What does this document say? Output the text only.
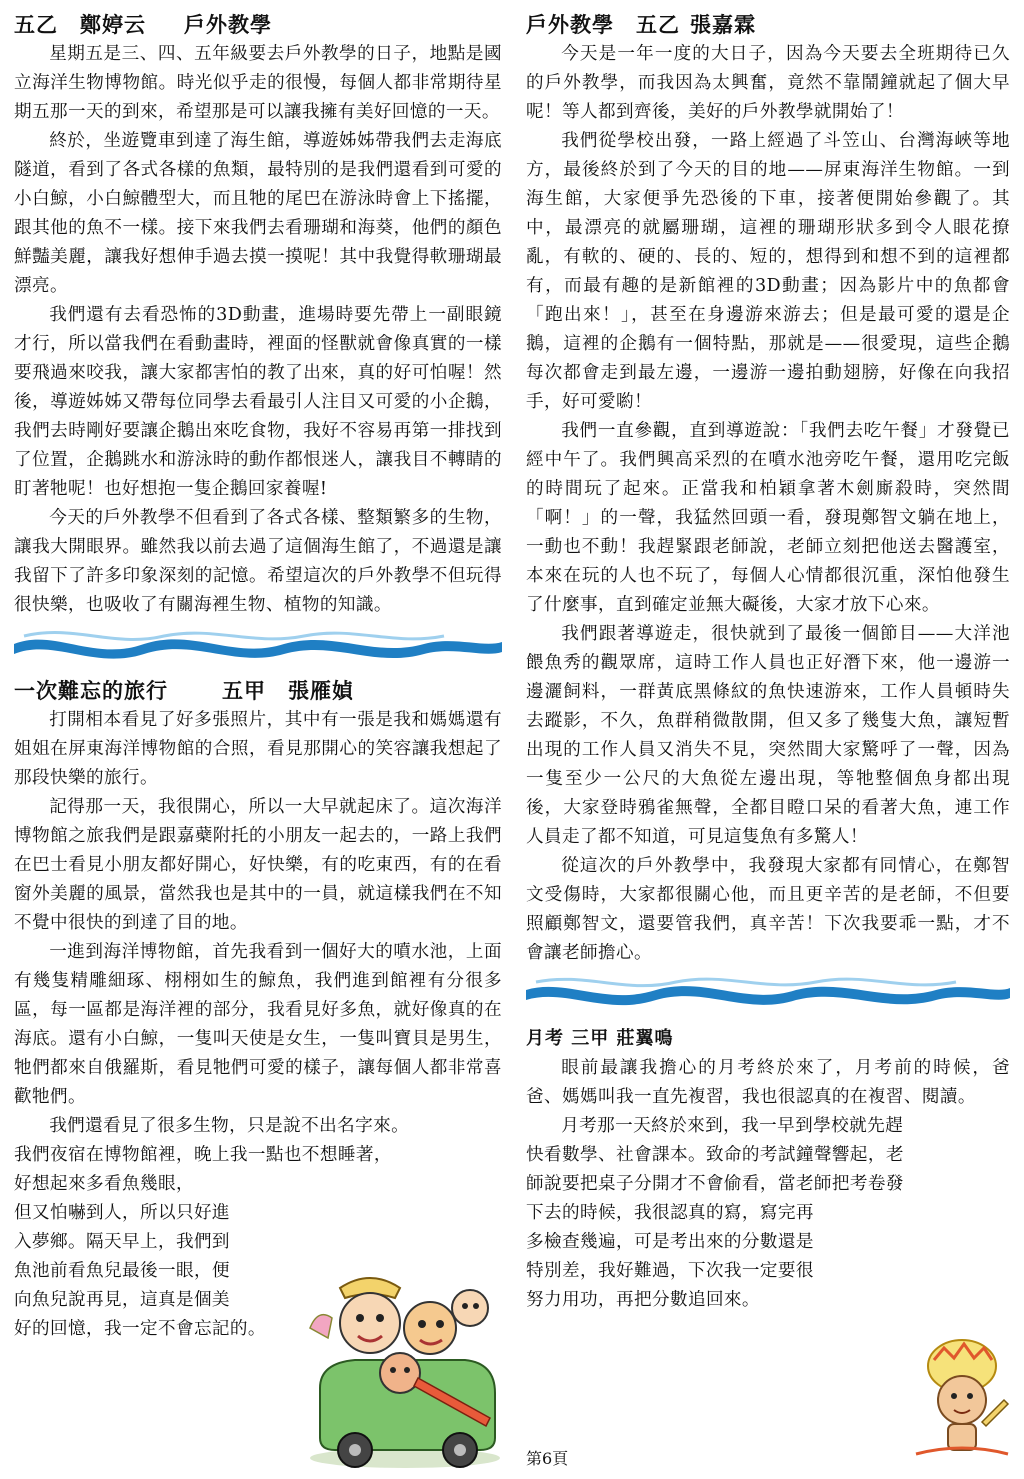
五乙　鄭婷云 戶外教學

星期五是三、四、五年級要去戶外教學的日子，地點是國立海洋生物博物館。時光似乎走的很慢，每個人都非常期待星期五那一天的到來，希望那是可以讓我擁有美好回憶的一天。

終於，坐遊覽車到達了海生館，導遊姊姊帶我們去走海底隧道，看到了各式各樣的魚類，最特別的是我們還看到可愛的小白鯨，小白鯨體型大，而且牠的尾巴在游泳時會上下搖擺，跟其他的魚不一樣。接下來我們去看珊瑚和海葵，他們的顏色鮮豔美麗，讓我好想伸手過去摸一摸呢！其中我覺得軟珊瑚最漂亮。

我們還有去看恐怖的3D動畫，進場時要先帶上一副眼鏡才行，所以當我們在看動畫時，裡面的怪獸就會像真實的一樣要飛過來咬我，讓大家都害怕的教了出來，真的好可怕喔！然後，導遊姊姊又帶每位同學去看最引人注目又可愛的小企鵝，我們去時剛好要讓企鵝出來吃食物，我好不容易再第一排找到了位置，企鵝跳水和游泳時的動作都恨迷人，讓我目不轉睛的盯著牠呢！也好想抱一隻企鵝回家養喔!

今天的戶外教學不但看到了各式各樣、整類繁多的生物，讓我大開眼界。雖然我以前去過了這個海生館了，不過還是讓我留下了許多印象深刻的記憶。希望這次的戶外教學不但玩得很快樂，也吸收了有關海裡生物、植物的知識。

一次難忘的旅行	五甲　張雁媜

打開相本看見了好多張照片，其中有一張是我和媽媽還有姐姐在屏東海洋博物館的合照，看見那開心的笑容讓我想起了那段快樂的旅行。

記得那一天，我很開心，所以一大早就起床了。這次海洋博物館之旅我們是跟嘉蘗附托的小朋友一起去的，一路上我們在巴士看見小朋友都好開心，好快樂，有的吃東西，有的在看窗外美麗的風景，當然我也是其中的一員，就這樣我們在不知不覺中很快的到達了目的地。

一進到海洋博物館，首先我看到一個好大的噴水池，上面有幾隻精雕細琢、栩栩如生的鯨魚，我們進到館裡有分很多區，每一區都是海洋裡的部分，我看見好多魚，就好像真的在海底。還有小白鯨，一隻叫天使是女生，一隻叫寶貝是男生，牠們都來自俄羅斯，看見牠們可愛的樣子，讓每個人都非常喜歡牠們。

我們還看見了很多生物，只是說不出名字來。

我們夜宿在博物館裡，晚上我一點也不想睡著，

好想起來多看魚幾眼，

但又怕嚇到人，所以只好進

入夢鄉。隔天早上，我們到

魚池前看魚兒最後一眼，便

向魚兒說再見，這真是個美

好的回憶，我一定不會忘記的。

戶外教學　五乙 張嘉霖

今天是一年一度的大日子，因為今天要去全班期待已久的戶外教學，而我因為太興奮，竟然不靠鬧鐘就起了個大早呢！等人都到齊後，美好的戶外教學就開始了！

我們從學校出發，一路上經過了斗笠山、台灣海峽等地方，最後終於到了今天的目的地——屏東海洋生物館。一到海生館，大家便爭先恐後的下車，接著便開始參觀了。其中，最漂亮的就屬珊瑚，這裡的珊瑚形狀多到令人眼花撩亂，有軟的、硬的、長的、短的，想得到和想不到的這裡都有，而最有趣的是新館裡的3D動畫；因為影片中的魚都會「跑出來！」，甚至在身邊游來游去；但是最可愛的還是企鵝，這裡的企鵝有一個特點，那就是——很愛現，這些企鵝每次都會走到最左邊，一邊游一邊拍動翅膀，好像在向我招手，好可愛喲！

我們一直參觀，直到導遊說：「我們去吃午餐」才發覺已經中午了。我們興高采烈的在噴水池旁吃午餐，還用吃完飯的時間玩了起來。正當我和柏穎拿著木劍廝殺時，突然間「啊！」的一聲，我猛然回頭一看，發現鄭智文躺在地上，一動也不動！我趕緊跟老師說，老師立刻把他送去醫護室，本來在玩的人也不玩了，每個人心情都很沉重，深怕他發生了什麼事，直到確定並無大礙後，大家才放下心來。

我們跟著導遊走，很快就到了最後一個節目——大洋池餵魚秀的觀眾席，這時工作人員也正好潛下來，他一邊游一邊灑飼料，一群黃底黑條紋的魚快速游來，工作人員頓時失去蹤影，不久，魚群稍微散開，但又多了幾隻大魚，讓短暫出現的工作人員又消失不見，突然間大家驚呼了一聲，因為一隻至少一公尺的大魚從左邊出現，等牠整個魚身都出現後，大家登時鴉雀無聲，全都目瞪口呆的看著大魚，連工作人員走了都不知道，可見這隻魚有多驚人！

從這次的戶外教學中，我發現大家都有同情心，在鄭智文受傷時，大家都很關心他，而且更辛苦的是老師，不但要照顧鄭智文，還要管我們，真辛苦！下次我要乖一點，才不會讓老師擔心。

月考 三甲 莊翼鳴

眼前最讓我擔心的月考終於來了，月考前的時候，爸爸、媽媽叫我一直先複習，我也很認真的在複習、閱讀。

月考那一天終於來到，我一早到學校就先趕

快看數學、社會課本。致命的考試鐘聲響起，老

師說要把桌子分開才不會偷看，當老師把考卷發

下去的時候，我很認真的寫，寫完再

多檢查幾遍，可是考出來的分數還是

特別差，我好難過，下次我一定要很

努力用功，再把分數追回來。

第6頁
